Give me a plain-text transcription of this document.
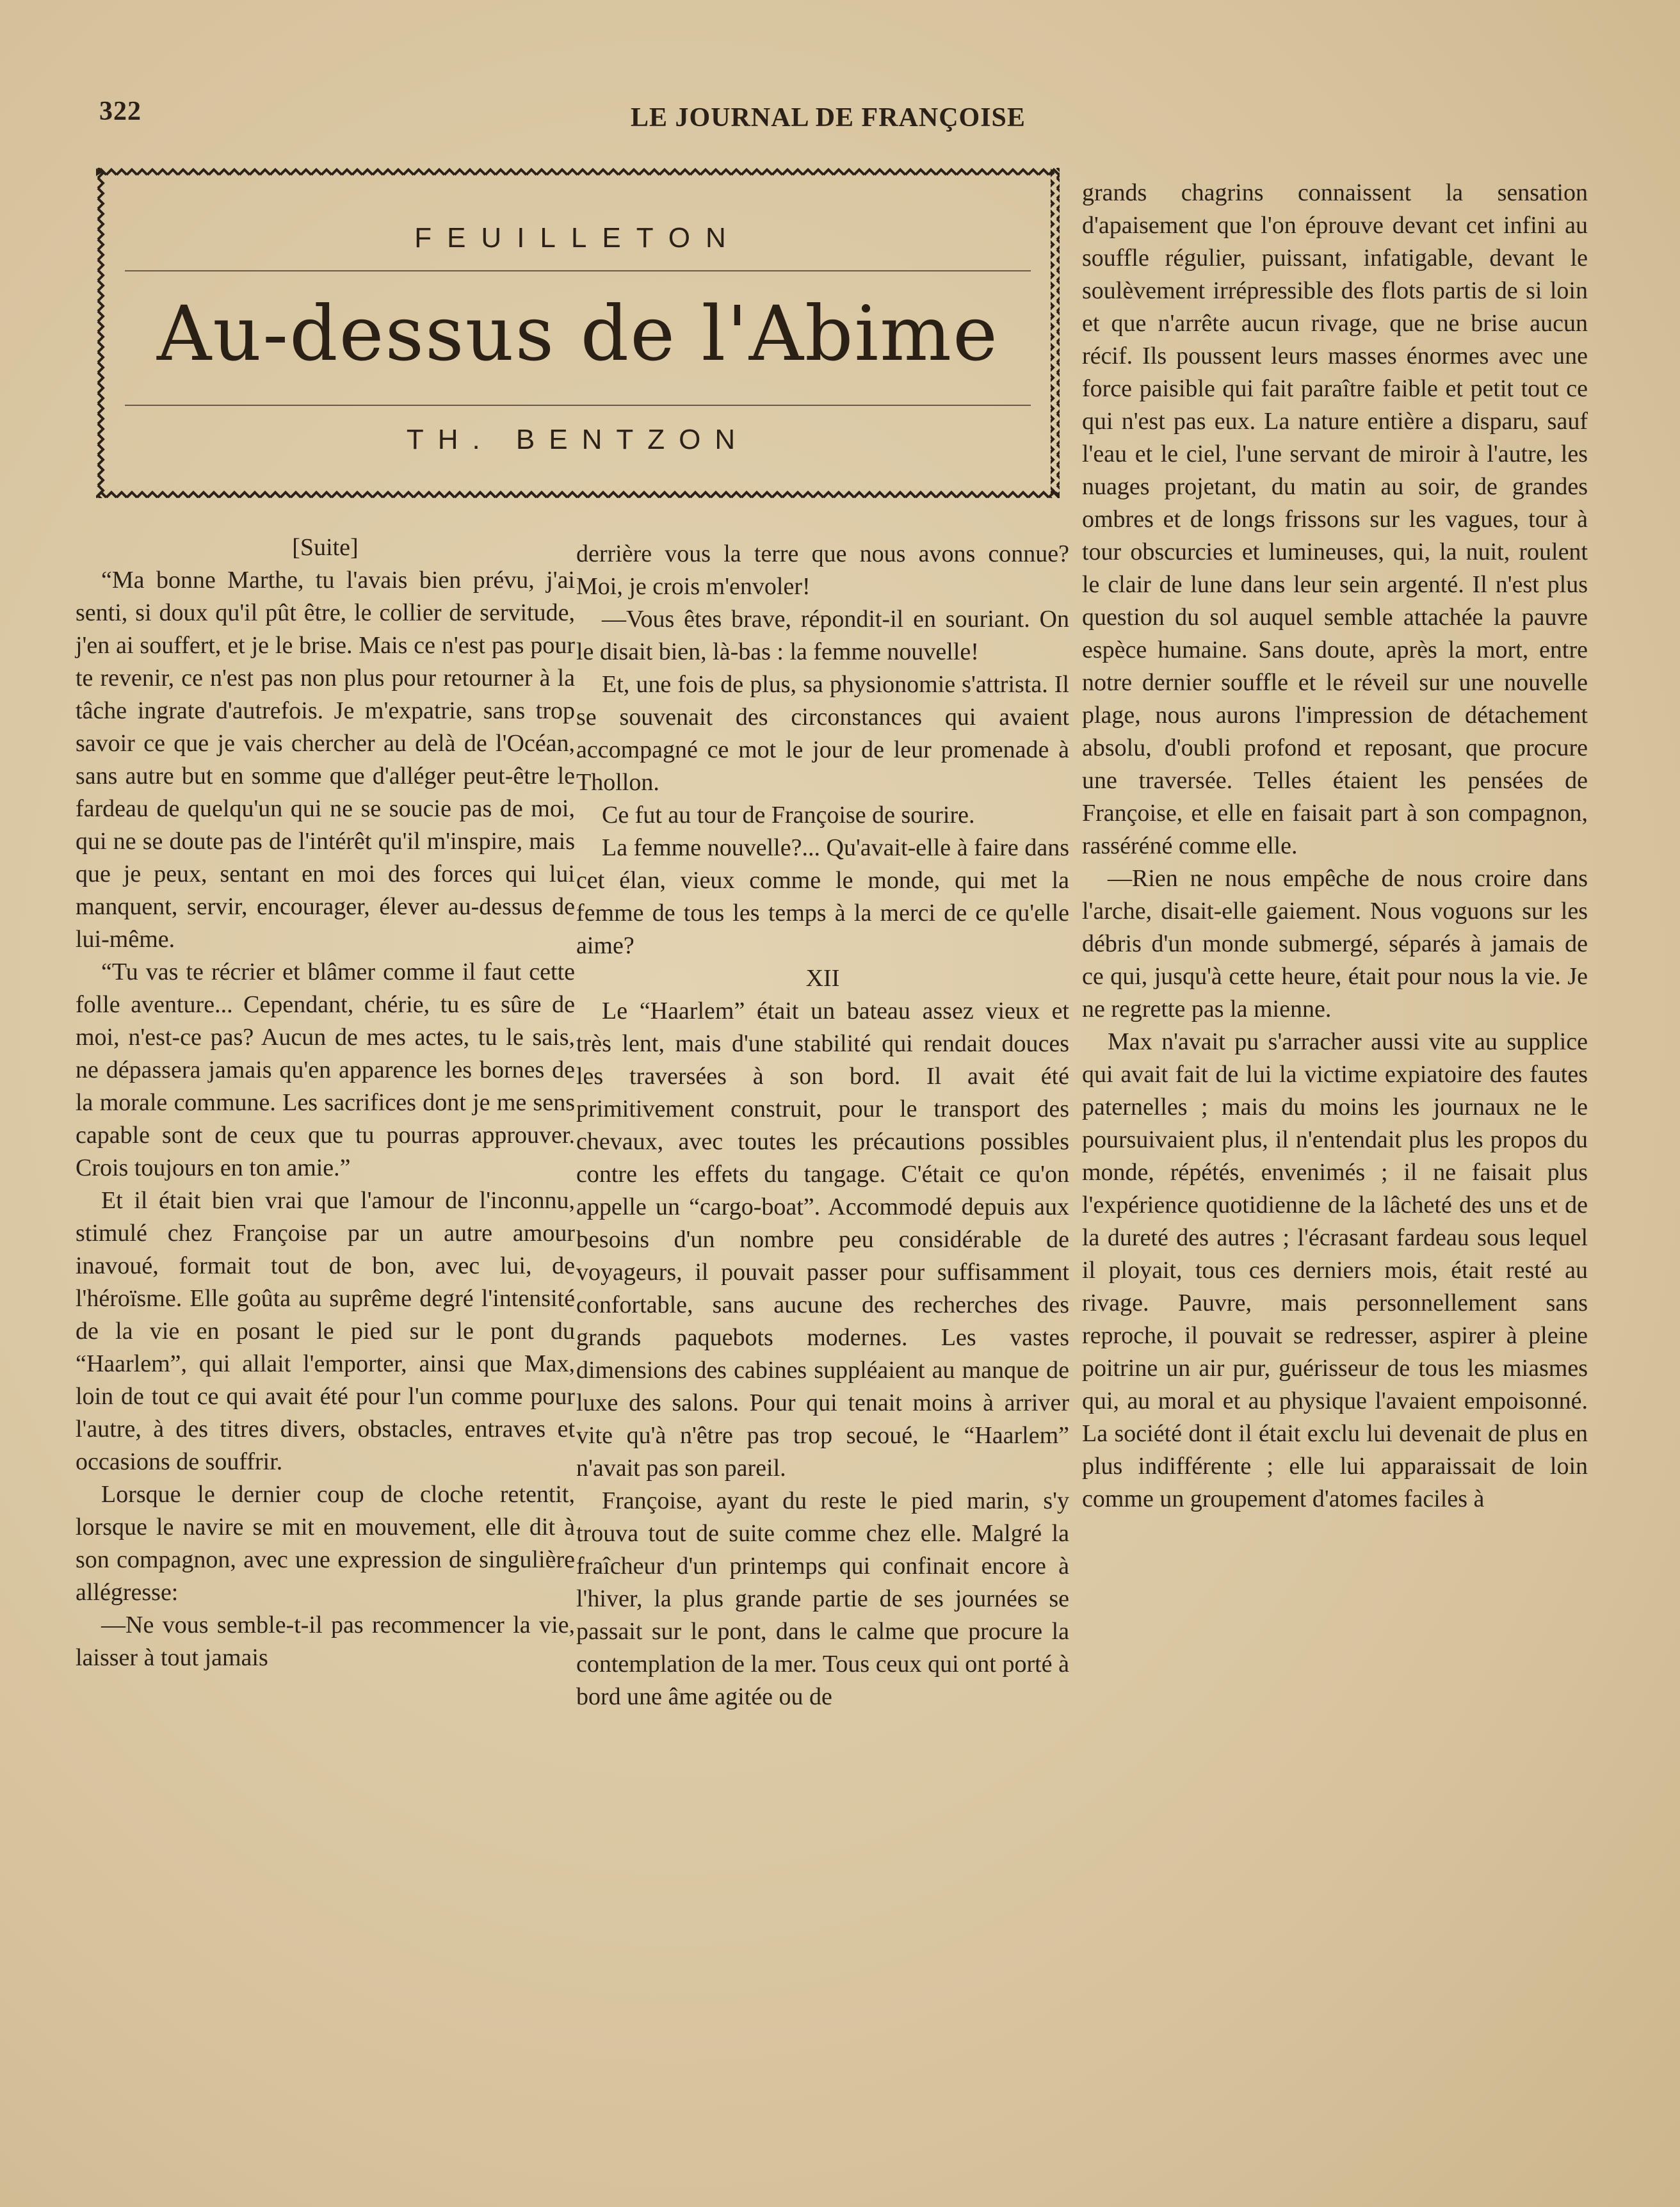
322	LE JOURNAL DE FRANÇOISE
FEUILLETON
Au-dessus de l'Abime
TH. BENTZON

[Suite]

“Ma bonne Marthe, tu l'avais bien prévu, j'ai senti, si doux qu'il pût être, le collier de servitude, j'en ai souffert, et je le brise. Mais ce n'est pas pour te revenir, ce n'est pas non plus pour retourner à la tâche ingrate d'autrefois. Je m'expatrie, sans trop savoir ce que je vais chercher au delà de l'Océan, sans autre but en somme que d'alléger peut-être le fardeau de quelqu'un qui ne se soucie pas de moi, qui ne se doute pas de l'intérêt qu'il m'inspire, mais que je peux, sentant en moi des forces qui lui manquent, servir, encourager, élever au-dessus de lui-même.

“Tu vas te récrier et blâmer comme il faut cette folle aventure... Cependant, chérie, tu es sûre de moi, n'est-ce pas? Aucun de mes actes, tu le sais, ne dépassera jamais qu'en apparence les bornes de la morale commune. Les sacrifices dont je me sens capable sont de ceux que tu pourras approuver. Crois toujours en ton amie.”

Et il était bien vrai que l'amour de l'inconnu, stimulé chez Françoise par un autre amour inavoué, formait tout de bon, avec lui, de l'héroïsme. Elle goûta au suprême degré l'intensité de la vie en posant le pied sur le pont du “Haarlem”, qui allait l'emporter, ainsi que Max, loin de tout ce qui avait été pour l'un comme pour l'autre, à des titres divers, obstacles, entraves et occasions de souffrir.

Lorsque le dernier coup de cloche retentit, lorsque le navire se mit en mouvement, elle dit à son compagnon, avec une expression de singulière allégresse:

—Ne vous semble-t-il pas recommencer la vie, laisser à tout jamais

derrière vous la terre que nous avons connue? Moi, je crois m'envoler!

—Vous êtes brave, répondit-il en souriant. On le disait bien, là-bas : la femme nouvelle!

Et, une fois de plus, sa physionomie s'attrista. Il se souvenait des circonstances qui avaient accompagné ce mot le jour de leur promenade à Thollon.

Ce fut au tour de Françoise de sourire.

La femme nouvelle?... Qu'avait-elle à faire dans cet élan, vieux comme le monde, qui met la femme de tous les temps à la merci de ce qu'elle aime?

XII

Le “Haarlem” était un bateau assez vieux et très lent, mais d'une stabilité qui rendait douces les traversées à son bord. Il avait été primitivement construit, pour le transport des chevaux, avec toutes les précautions possibles contre les effets du tangage. C'était ce qu'on appelle un “cargo-boat”. Accommodé depuis aux besoins d'un nombre peu considérable de voyageurs, il pouvait passer pour suffisamment confortable, sans aucune des recherches des grands paquebots modernes. Les vastes dimensions des cabines suppléaient au manque de luxe des salons. Pour qui tenait moins à arriver vite qu'à n'être pas trop secoué, le “Haarlem” n'avait pas son pareil.

Françoise, ayant du reste le pied marin, s'y trouva tout de suite comme chez elle. Malgré la fraîcheur d'un printemps qui confinait encore à l'hiver, la plus grande partie de ses journées se passait sur le pont, dans le calme que procure la contemplation de la mer. Tous ceux qui ont porté à bord une âme agitée ou de

grands chagrins connaissent la sensation d'apaisement que l'on éprouve devant cet infini au souffle régulier, puissant, infatigable, devant le soulèvement irrépressible des flots partis de si loin et que n'arrête aucun rivage, que ne brise aucun récif. Ils poussent leurs masses énormes avec une force paisible qui fait paraître faible et petit tout ce qui n'est pas eux. La nature entière a disparu, sauf l'eau et le ciel, l'une servant de miroir à l'autre, les nuages projetant, du matin au soir, de grandes ombres et de longs frissons sur les vagues, tour à tour obscurcies et lumineuses, qui, la nuit, roulent le clair de lune dans leur sein argenté. Il n'est plus question du sol auquel semble attachée la pauvre espèce humaine. Sans doute, après la mort, entre notre dernier souffle et le réveil sur une nouvelle plage, nous aurons l'impression de détachement absolu, d'oubli profond et reposant, que procure une traversée. Telles étaient les pensées de Françoise, et elle en faisait part à son compagnon, rasséréné comme elle.

—Rien ne nous empêche de nous croire dans l'arche, disait-elle gaiement. Nous voguons sur les débris d'un monde submergé, séparés à jamais de ce qui, jusqu'à cette heure, était pour nous la vie. Je ne regrette pas la mienne.

Max n'avait pu s'arracher aussi vite au supplice qui avait fait de lui la victime expiatoire des fautes paternelles ; mais du moins les journaux ne le poursuivaient plus, il n'entendait plus les propos du monde, répétés, envenimés ; il ne faisait plus l'expérience quotidienne de la lâcheté des uns et de la dureté des autres ; l'écrasant fardeau sous lequel il ployait, tous ces derniers mois, était resté au rivage. Pauvre, mais personnellement sans reproche, il pouvait se redresser, aspirer à pleine poitrine un air pur, guérisseur de tous les miasmes qui, au moral et au physique l'avaient empoisonné. La société dont il était exclu lui devenait de plus en plus indifférente ; elle lui apparaissait de loin comme un groupement d'atomes faciles à
